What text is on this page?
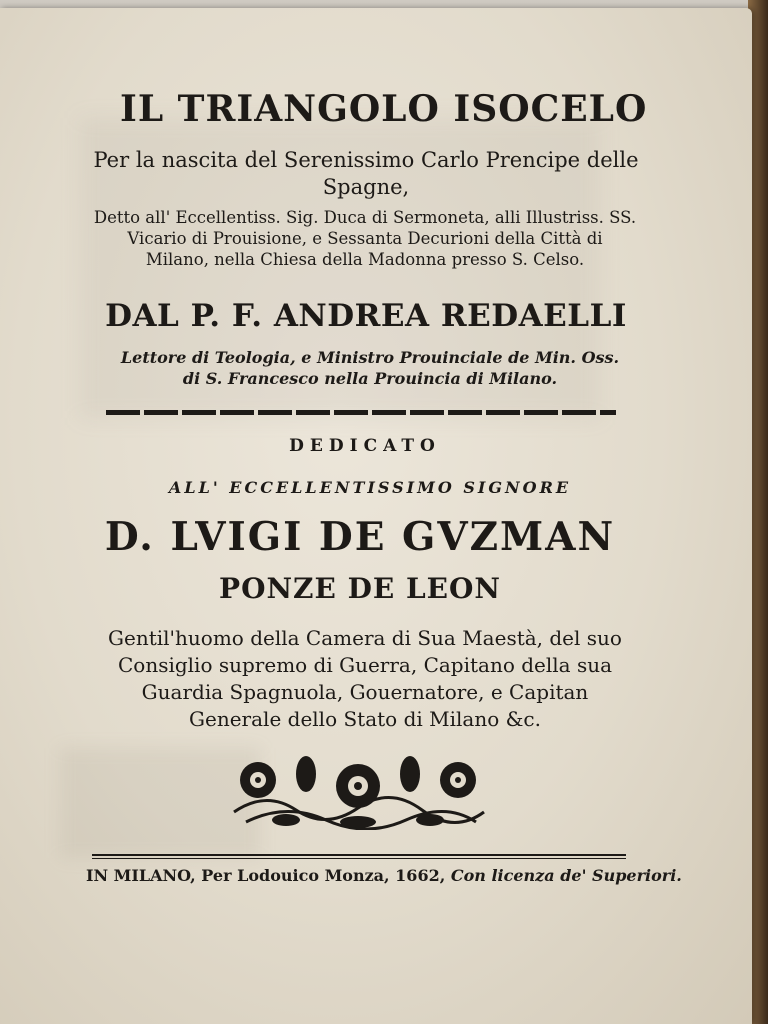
IL TRIANGOLO ISOCELO
Per la nascita del Serenissimo Carlo Prencipe delle
Spagne,
Detto all' Eccellentiss. Sig. Duca di Sermoneta, alli Illustriss. SS.
Vicario di Prouisione, e Sessanta Decurioni della Città di
Milano, nella Chiesa della Madonna presso S. Celso.
DAL P. F. ANDREA REDAELLI
Lettore di Teologia, e Ministro Prouinciale de Min. Oss.
di S. Francesco nella Prouincia di Milano.
DEDICATO
ALL' ECCELLENTISSIMO SIGNORE
D. LVIGI DE GVZMAN
PONZE DE LEON
Gentil'huomo della Camera di Sua Maestà, del suo
Consiglio supremo di Guerra, Capitano della sua
Guardia Spagnuola, Gouernatore, e Capitan
Generale dello Stato di Milano &c.
IN MILANO, Per Lodouico Monza, 1662, Con licenza de' Superiori.
